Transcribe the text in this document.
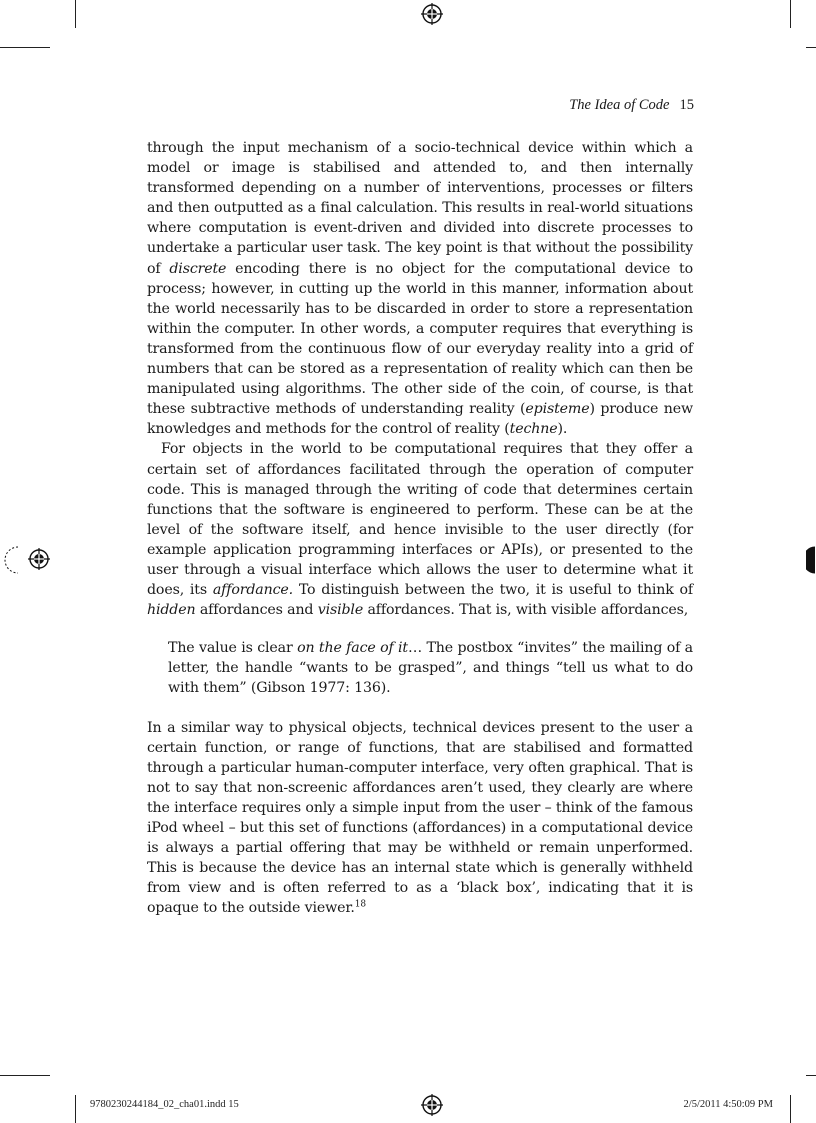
The Idea of Code 15

through the input mechanism of a socio-technical device within which a model or image is stabilised and attended to, and then internally transformed depending on a number of interventions, processes or filters and then outputted as a final calculation. This results in real-world situations where computation is event-driven and divided into discrete processes to undertake a particular user task. The key point is that without the possibility of discrete encoding there is no object for the computational device to process; however, in cutting up the world in this manner, information about the world necessarily has to be discarded in order to store a representation within the computer. In other words, a computer requires that everything is transformed from the continuous flow of our everyday reality into a grid of numbers that can be stored as a representation of reality which can then be manipulated using algorithms. The other side of the coin, of course, is that these subtractive methods of understanding reality (episteme) produce new knowledges and methods for the control of reality (techne).

For objects in the world to be computational requires that they offer a certain set of affordances facilitated through the operation of computer code. This is managed through the writing of code that determines certain functions that the software is engineered to perform. These can be at the level of the software itself, and hence invisible to the user directly (for example application programming interfaces or APIs), or presented to the user through a visual interface which allows the user to determine what it does, its affordance. To distinguish between the two, it is useful to think of hidden affordances and visible affordances. That is, with visible affordances,

The value is clear on the face of it… The postbox “invites” the mailing of a letter, the handle “wants to be grasped”, and things “tell us what to do with them” (Gibson 1977: 136).

In a similar way to physical objects, technical devices present to the user a certain function, or range of functions, that are stabilised and formatted through a particular human-computer interface, very often graphical. That is not to say that non-screenic affordances aren’t used, they clearly are where the interface requires only a simple input from the user – think of the famous iPod wheel – but this set of functions (affordances) in a computational device is always a partial offering that may be withheld or remain unperformed. This is because the device has an internal state which is generally withheld from view and is often referred to as a ‘black box’, indicating that it is opaque to the outside viewer.$^{18}$

9780230244184_02_cha01.indd 15	2/5/2011 4:50:09 PM
